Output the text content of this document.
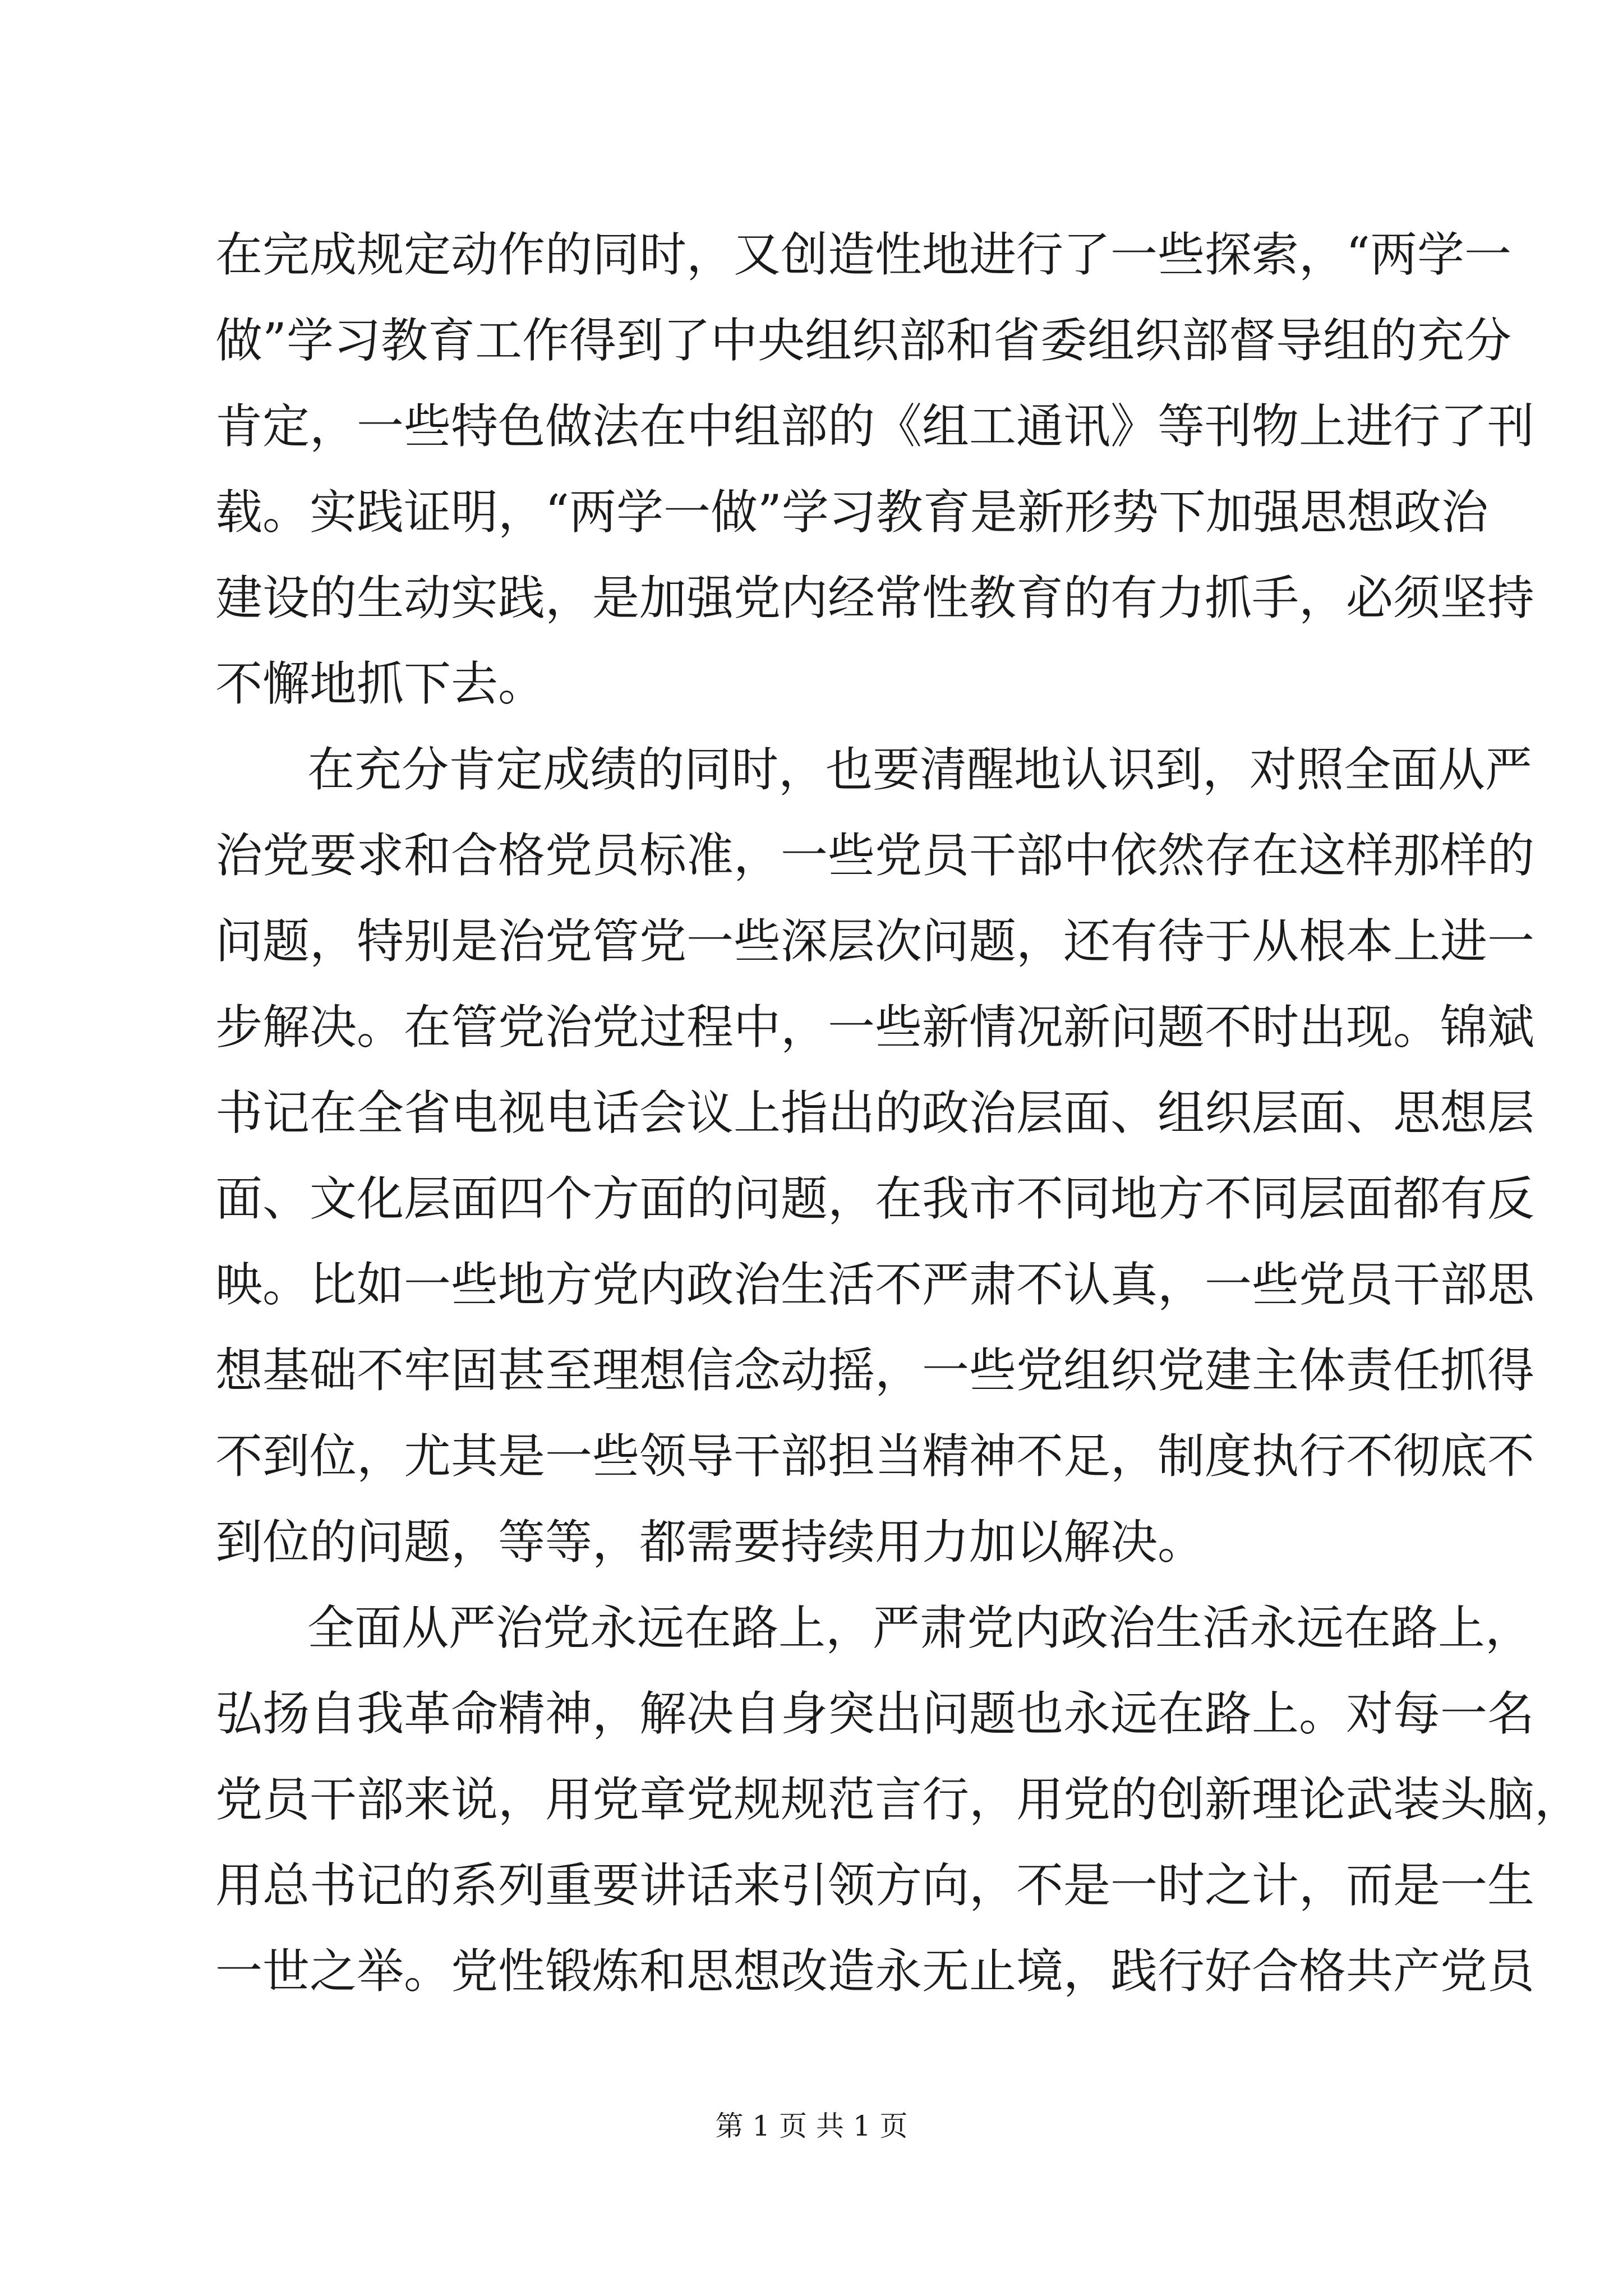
在完成规定动作的同时，又创造性地进行了一些探索，“两学一
做”学习教育工作得到了中央组织部和省委组织部督导组的充分
肯定，一些特色做法在中组部的《组工通讯》等刊物上进行了刊
载。实践证明，“两学一做”学习教育是新形势下加强思想政治
建设的生动实践，是加强党内经常性教育的有力抓手，必须坚持
不懈地抓下去。
在充分肯定成绩的同时，也要清醒地认识到，对照全面从严
治党要求和合格党员标准，一些党员干部中依然存在这样那样的
问题，特别是治党管党一些深层次问题，还有待于从根本上进一
步解决。在管党治党过程中，一些新情况新问题不时出现。锦斌
书记在全省电视电话会议上指出的政治层面、组织层面、思想层
面、文化层面四个方面的问题，在我市不同地方不同层面都有反
映。比如一些地方党内政治生活不严肃不认真，一些党员干部思
想基础不牢固甚至理想信念动摇，一些党组织党建主体责任抓得
不到位，尤其是一些领导干部担当精神不足，制度执行不彻底不
到位的问题，等等，都需要持续用力加以解决。
全面从严治党永远在路上，严肃党内政治生活永远在路上，
弘扬自我革命精神，解决自身突出问题也永远在路上。对每一名
党员干部来说，用党章党规规范言行，用党的创新理论武装头脑，
用总书记的系列重要讲话来引领方向，不是一时之计，而是一生
一世之举。党性锻炼和思想改造永无止境，践行好合格共产党员
第 1 页 共 1 页
